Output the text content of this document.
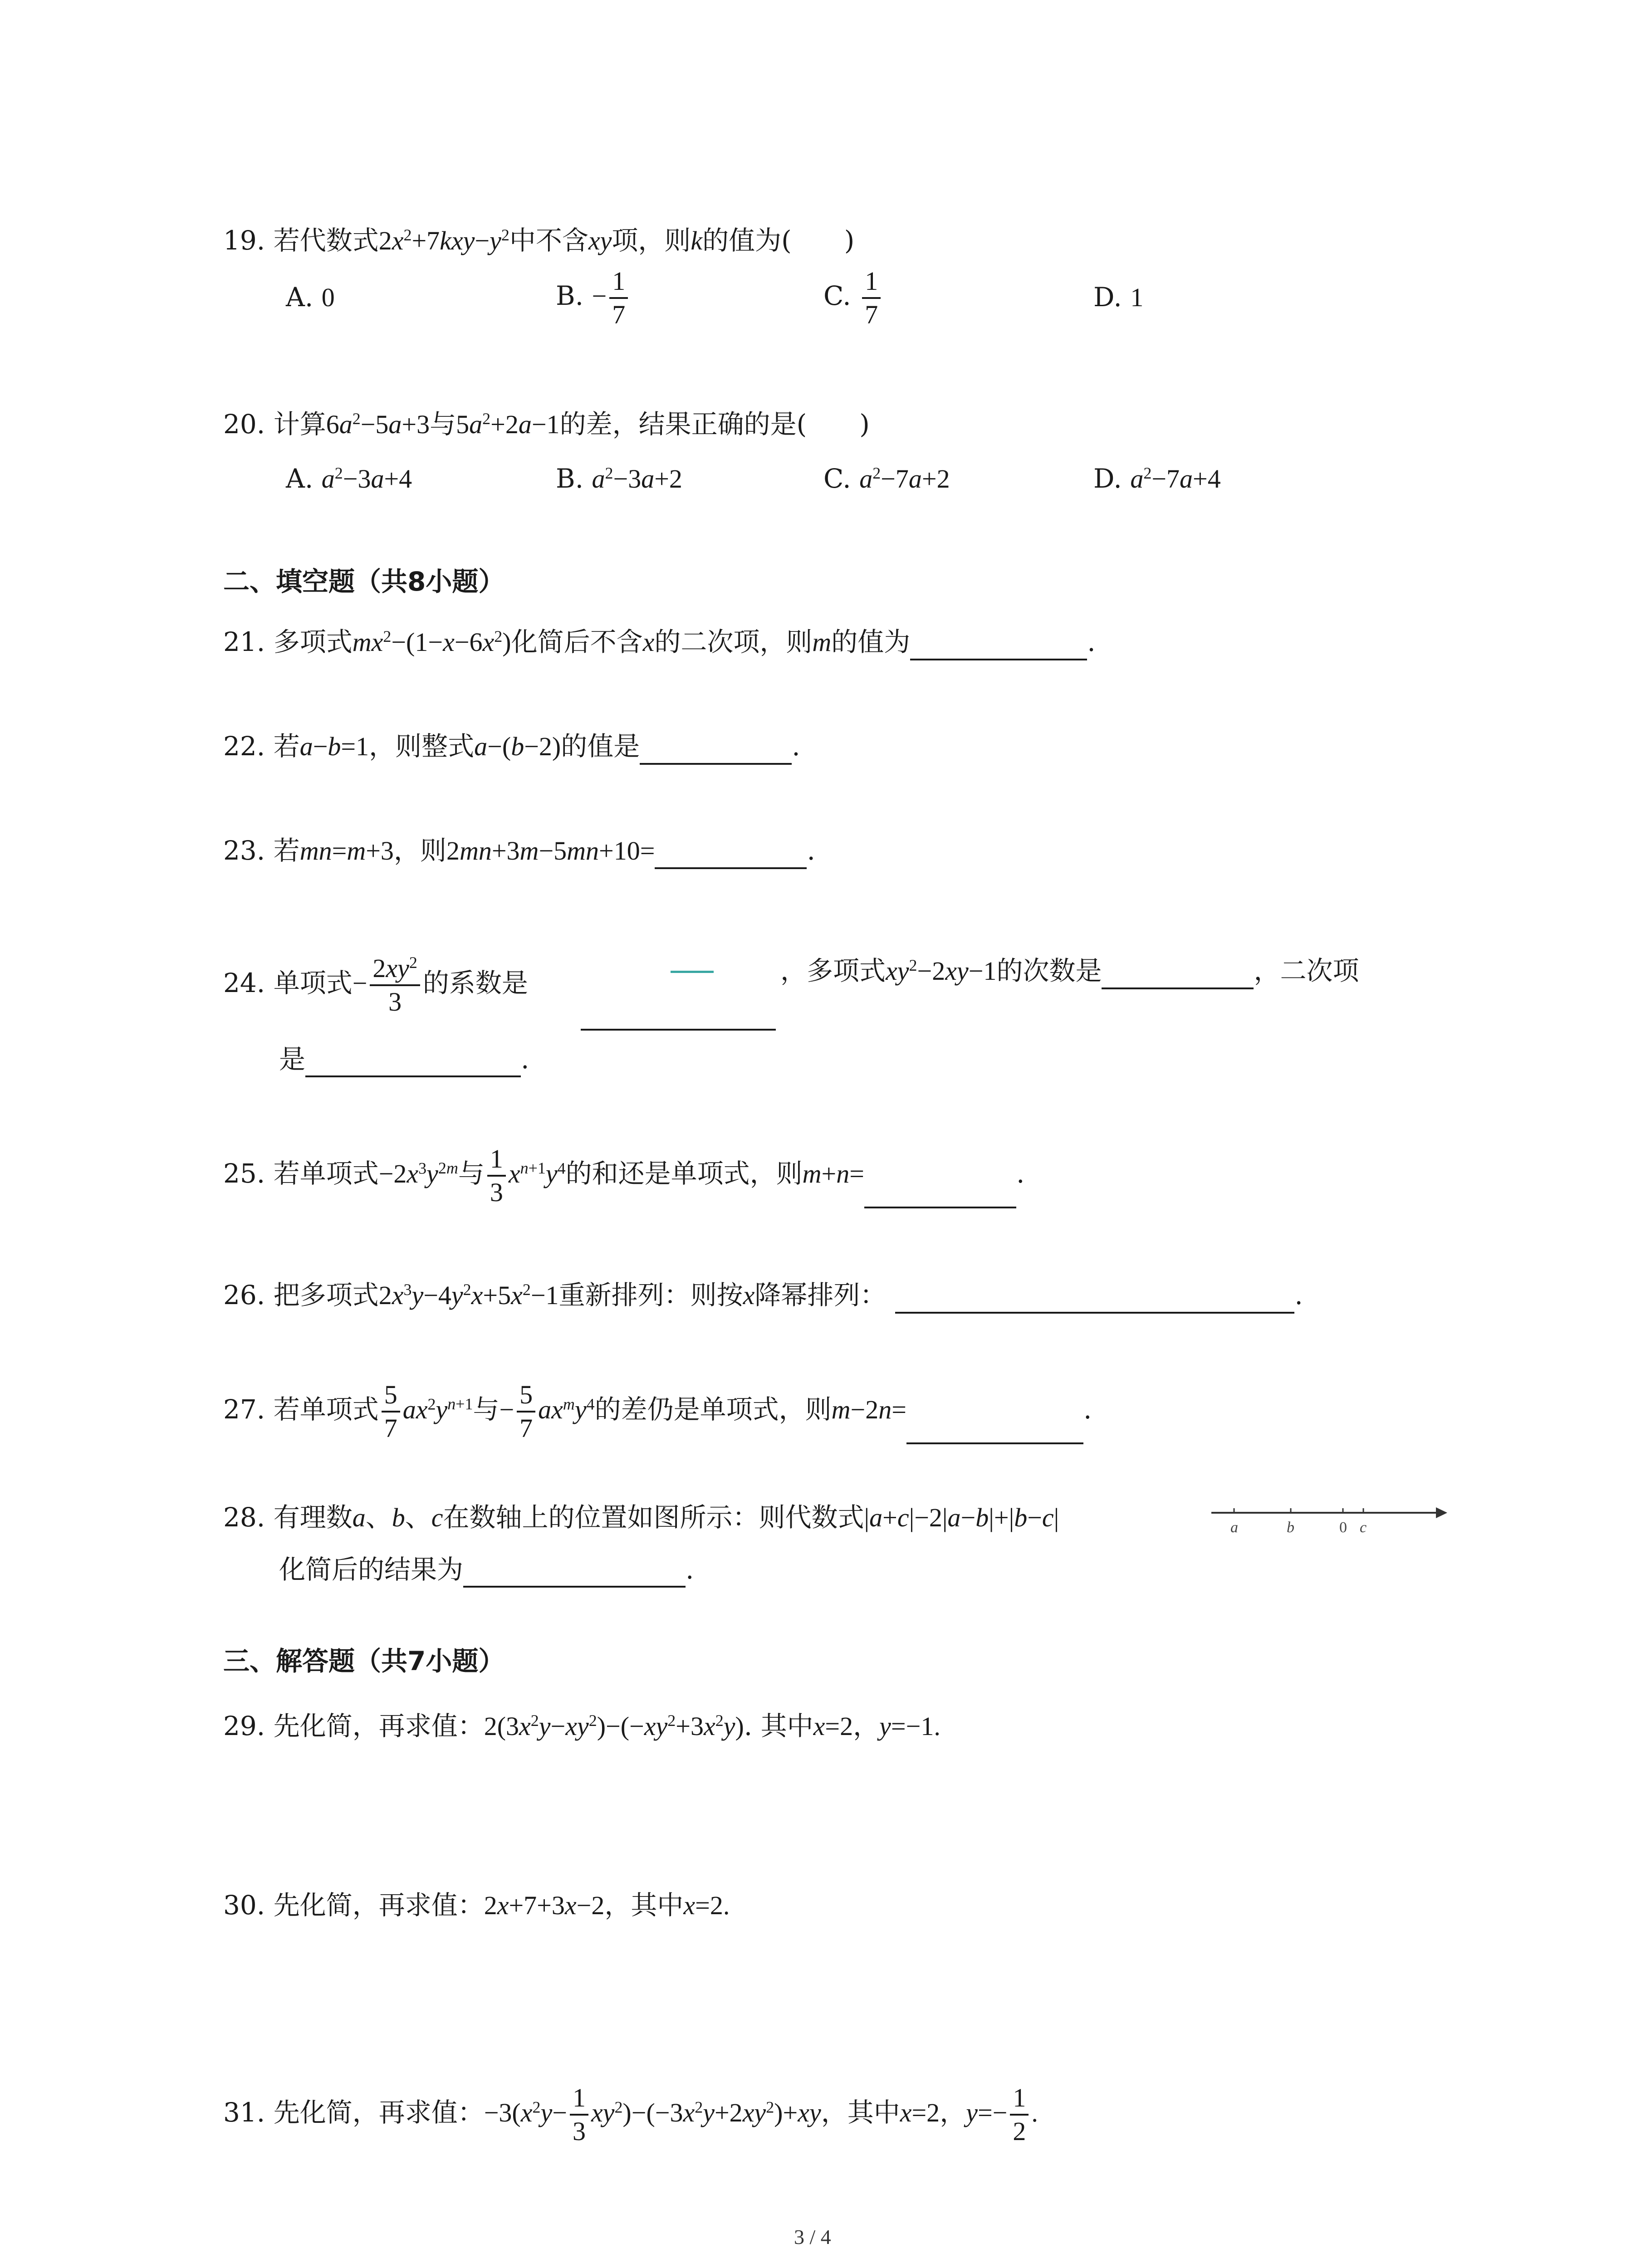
19. 若代数式$2x^2+7kxy-y^2$中不含xy项，则k的值为(　　)
A. 0	B. − $\frac{1}{7}$	C. $\frac{1}{7}$	D. 1
20. 计算$6a^2-5a+3$与$5a^2+2a-1$的差，结果正确的是(　　)
A. $a^2-3a+4$	B. $a^2-3a+2$	C. $a^2-7a+2$	D. $a^2-7a+4$
二、填空题（共8小题）
21. 多项式$mx^2-(1-x-6x^2)$化简后不含x的二次项，则m的值为	.
22. 若a−b=1，则整式a−(b−2)的值是	.
23. 若mn=m+3，则2mn+3m−5mn+10=	.
24. 单项式− $\frac{2xy^2}{3}$ 的系数是	，多项式$xy^2-2xy-1$的次数是	，二次项
是	.
25. 若单项式$-2x^3y^{2m}$与 $\frac{1}{3} x^{n+1}y^4$的和还是单项式，则m+n=	.
26. 把多项式$2x^3y-4y^2x+5x^2-1$重新排列：则按x降幂排列：	.
27. 若单项式 $\frac{5}{7} ax^2y^{n+1}$与− $\frac{5}{7} ax^my^4$的差仍是单项式，则m−2n=	.
28. 有理数a、b、c在数轴上的位置如图所示：则代数式|a+c|−2|a−b|+|b−c|
化简后的结果为	.
a	b	0 c
三、解答题（共7小题）
29. 先化简，再求值：$2(3x^2y-xy^2)-(-xy^2+3x^2y)$. 其中x=2，y=−1.
30. 先化简，再求值：2x+7+3x−2，其中x=2.
31. 先化简，再求值：$-3(x^2y- \frac{1}{3} xy^2)-(-3x^2y+2xy^2)+xy$，其中x=2，$y=- \frac{1}{2}$ .
3 / 4
